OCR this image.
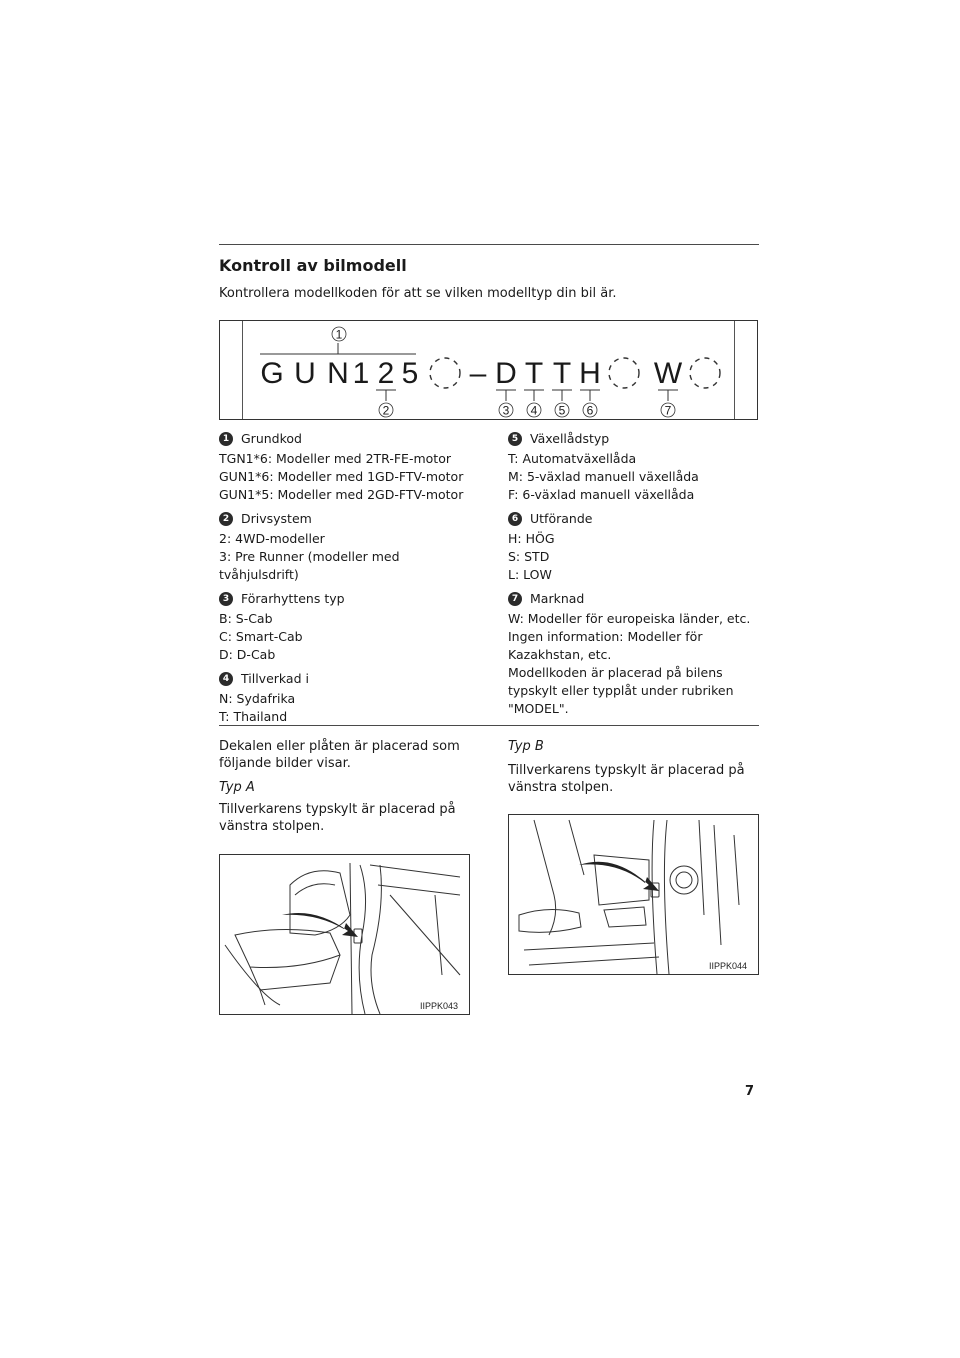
Kontroll av bilmodell
Kontrollera modellkoden för att se vilken modelltyp din bil är.
1
G U N 1 2 5 – D T T H W
2	3 4 5 6	7
1 Grundkod
TGN1*6: Modeller med 2TR-FE-motor
GUN1*6: Modeller med 1GD-FTV-motor
GUN1*5: Modeller med 2GD-FTV-motor
2 Drivsystem
2: 4WD-modeller
3: Pre Runner (modeller med
tvåhjulsdrift)
3 Förarhyttens typ
B: S-Cab
C: Smart-Cab
D: D-Cab
4 Tillverkad i
N: Sydafrika
T: Thailand
5 Växellådstyp
T: Automatväxellåda
M: 5-växlad manuell växellåda
F: 6-växlad manuell växellåda
6 Utförande
H: HÖG
S: STD
L: LOW
7 Marknad
W: Modeller för europeiska länder, etc.
Ingen information: Modeller för
Kazakhstan, etc.
Modellkoden är placerad på bilens
typskylt eller typplåt under rubriken
"MODEL".
Dekalen eller plåten är placerad som
följande bilder visar.
Typ A
Tillverkarens typskylt är placerad på
vänstra stolpen.
Typ B
Tillverkarens typskylt är placerad på
vänstra stolpen.
IIPPK043
IIPPK044
7
